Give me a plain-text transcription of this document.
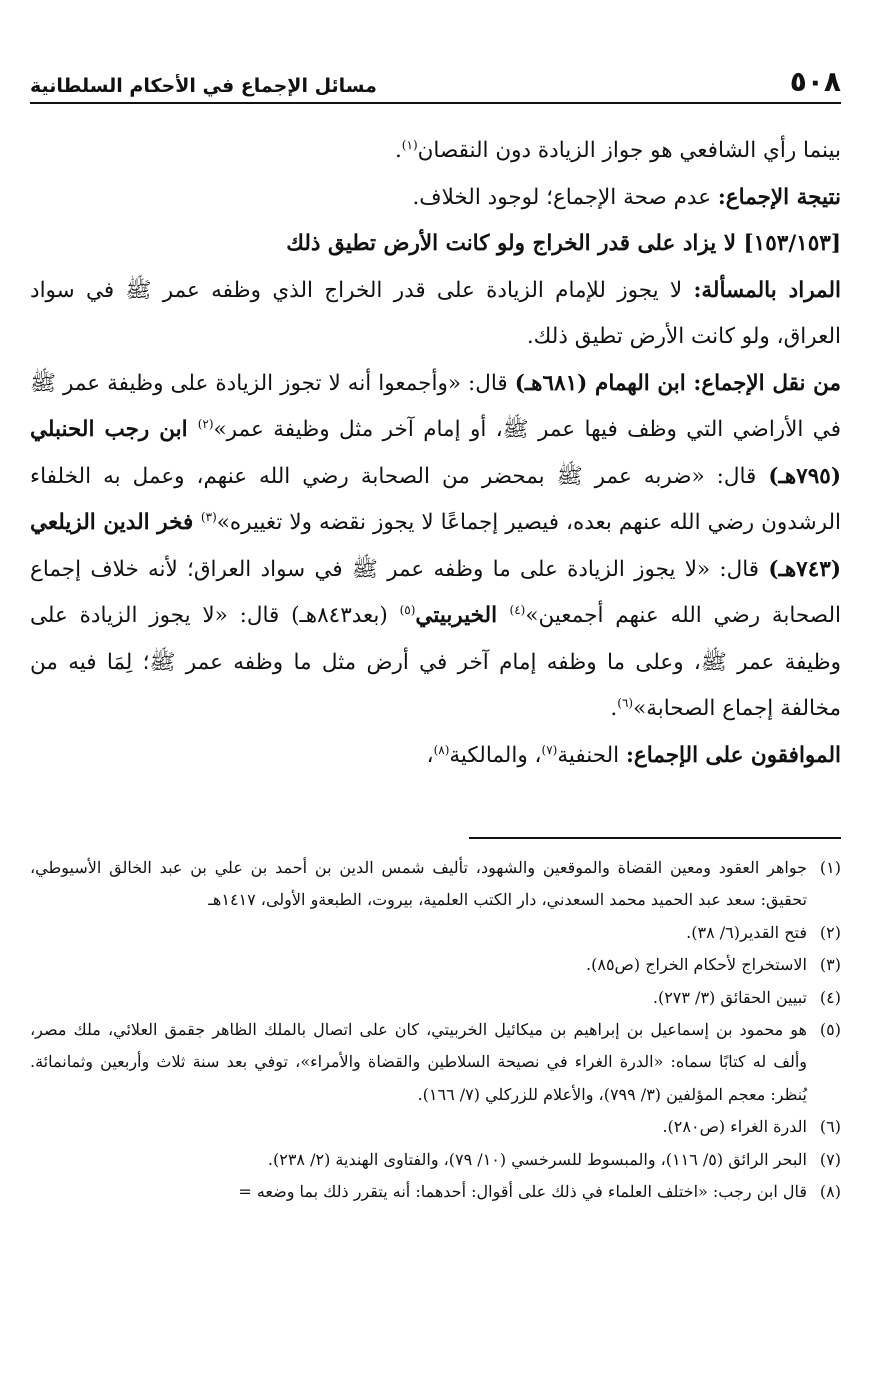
٥٠٨
مسائل الإجماع في الأحكام السلطانية

بينما رأي الشافعي هو جواز الزيادة دون النقصان$^{(١)}$.

نتيجة الإجماع: عدم صحة الإجماع؛ لوجود الخلاف.

[١٥٣/١٥٣] لا يزاد على قدر الخراج ولو كانت الأرض تطيق ذلك

المراد بالمسألة: لا يجوز للإمام الزيادة على قدر الخراج الذي وظفه عمر ﷺ في سواد العراق، ولو كانت الأرض تطيق ذلك.

من نقل الإجماع: ابن الهمام (٦٨١هـ) قال: «وأجمعوا أنه لا تجوز الزيادة على وظيفة عمر ﷺ في الأراضي التي وظف فيها عمر ﷺ، أو إمام آخر مثل وظيفة عمر»$^{(٢)}$ ابن رجب الحنبلي (٧٩٥هـ) قال: «ضربه عمر ﷺ بمحضر من الصحابة رضي الله عنهم، وعمل به الخلفاء الرشدون رضي الله عنهم بعده، فيصير إجماعًا لا يجوز نقضه ولا تغييره»$^{(٣)}$ فخر الدين الزيلعي (٧٤٣هـ) قال: «لا يجوز الزيادة على ما وظفه عمر ﷺ في سواد العراق؛ لأنه خلاف إجماع الصحابة رضي الله عنهم أجمعين»$^{(٤)}$ الخيربيتي$^{(٥)}$ (بعد٨٤٣هـ) قال: «لا يجوز الزيادة على وظيفة عمر ﷺ، وعلى ما وظفه إمام آخر في أرض مثل ما وظفه عمر ﷺ؛ لِمَا فيه من مخالفة إجماع الصحابة»$^{(٦)}$.

الموافقون على الإجماع: الحنفية$^{(٧)}$، والمالكية$^{(٨)}$،

(١)
جواهر العقود ومعين القضاة والموقعين والشهود، تأليف شمس الدين بن أحمد بن علي بن عبد الخالق الأسيوطي، تحقيق: سعد عبد الحميد محمد السعدني، دار الكتب العلمية، بيروت، الطبعةو الأولى، ١٤١٧هـ
(٢)
فتح القدير(٦/ ٣٨).
(٣)
الاستخراج لأحكام الخراج (ص٨٥).
(٤)
تبيين الحقائق (٣/ ٢٧٣).
(٥)
هو محمود بن إسماعيل بن إبراهيم بن ميكائيل الخربيتي، كان على اتصال بالملك الظاهر جقمق العلائي، ملك مصر، وألف له كتابًا سماه: «الدرة الغراء في نصيحة السلاطين والقضاة والأمراء»، توفي بعد سنة ثلاث وأربعين وثمانمائة. يُنظر: معجم المؤلفين (٣/ ٧٩٩)، والأعلام للزركلي (٧/ ١٦٦).
(٦)
الدرة الغراء (ص٢٨٠).
(٧)
البحر الرائق (٥/ ١١٦)، والمبسوط للسرخسي (١٠/ ٧٩)، والفتاوى الهندية (٢/ ٢٣٨).
(٨)
قال ابن رجب: «اختلف العلماء في ذلك على أقوال: أحدهما: أنه يتقرر ذلك بما وضعه =
